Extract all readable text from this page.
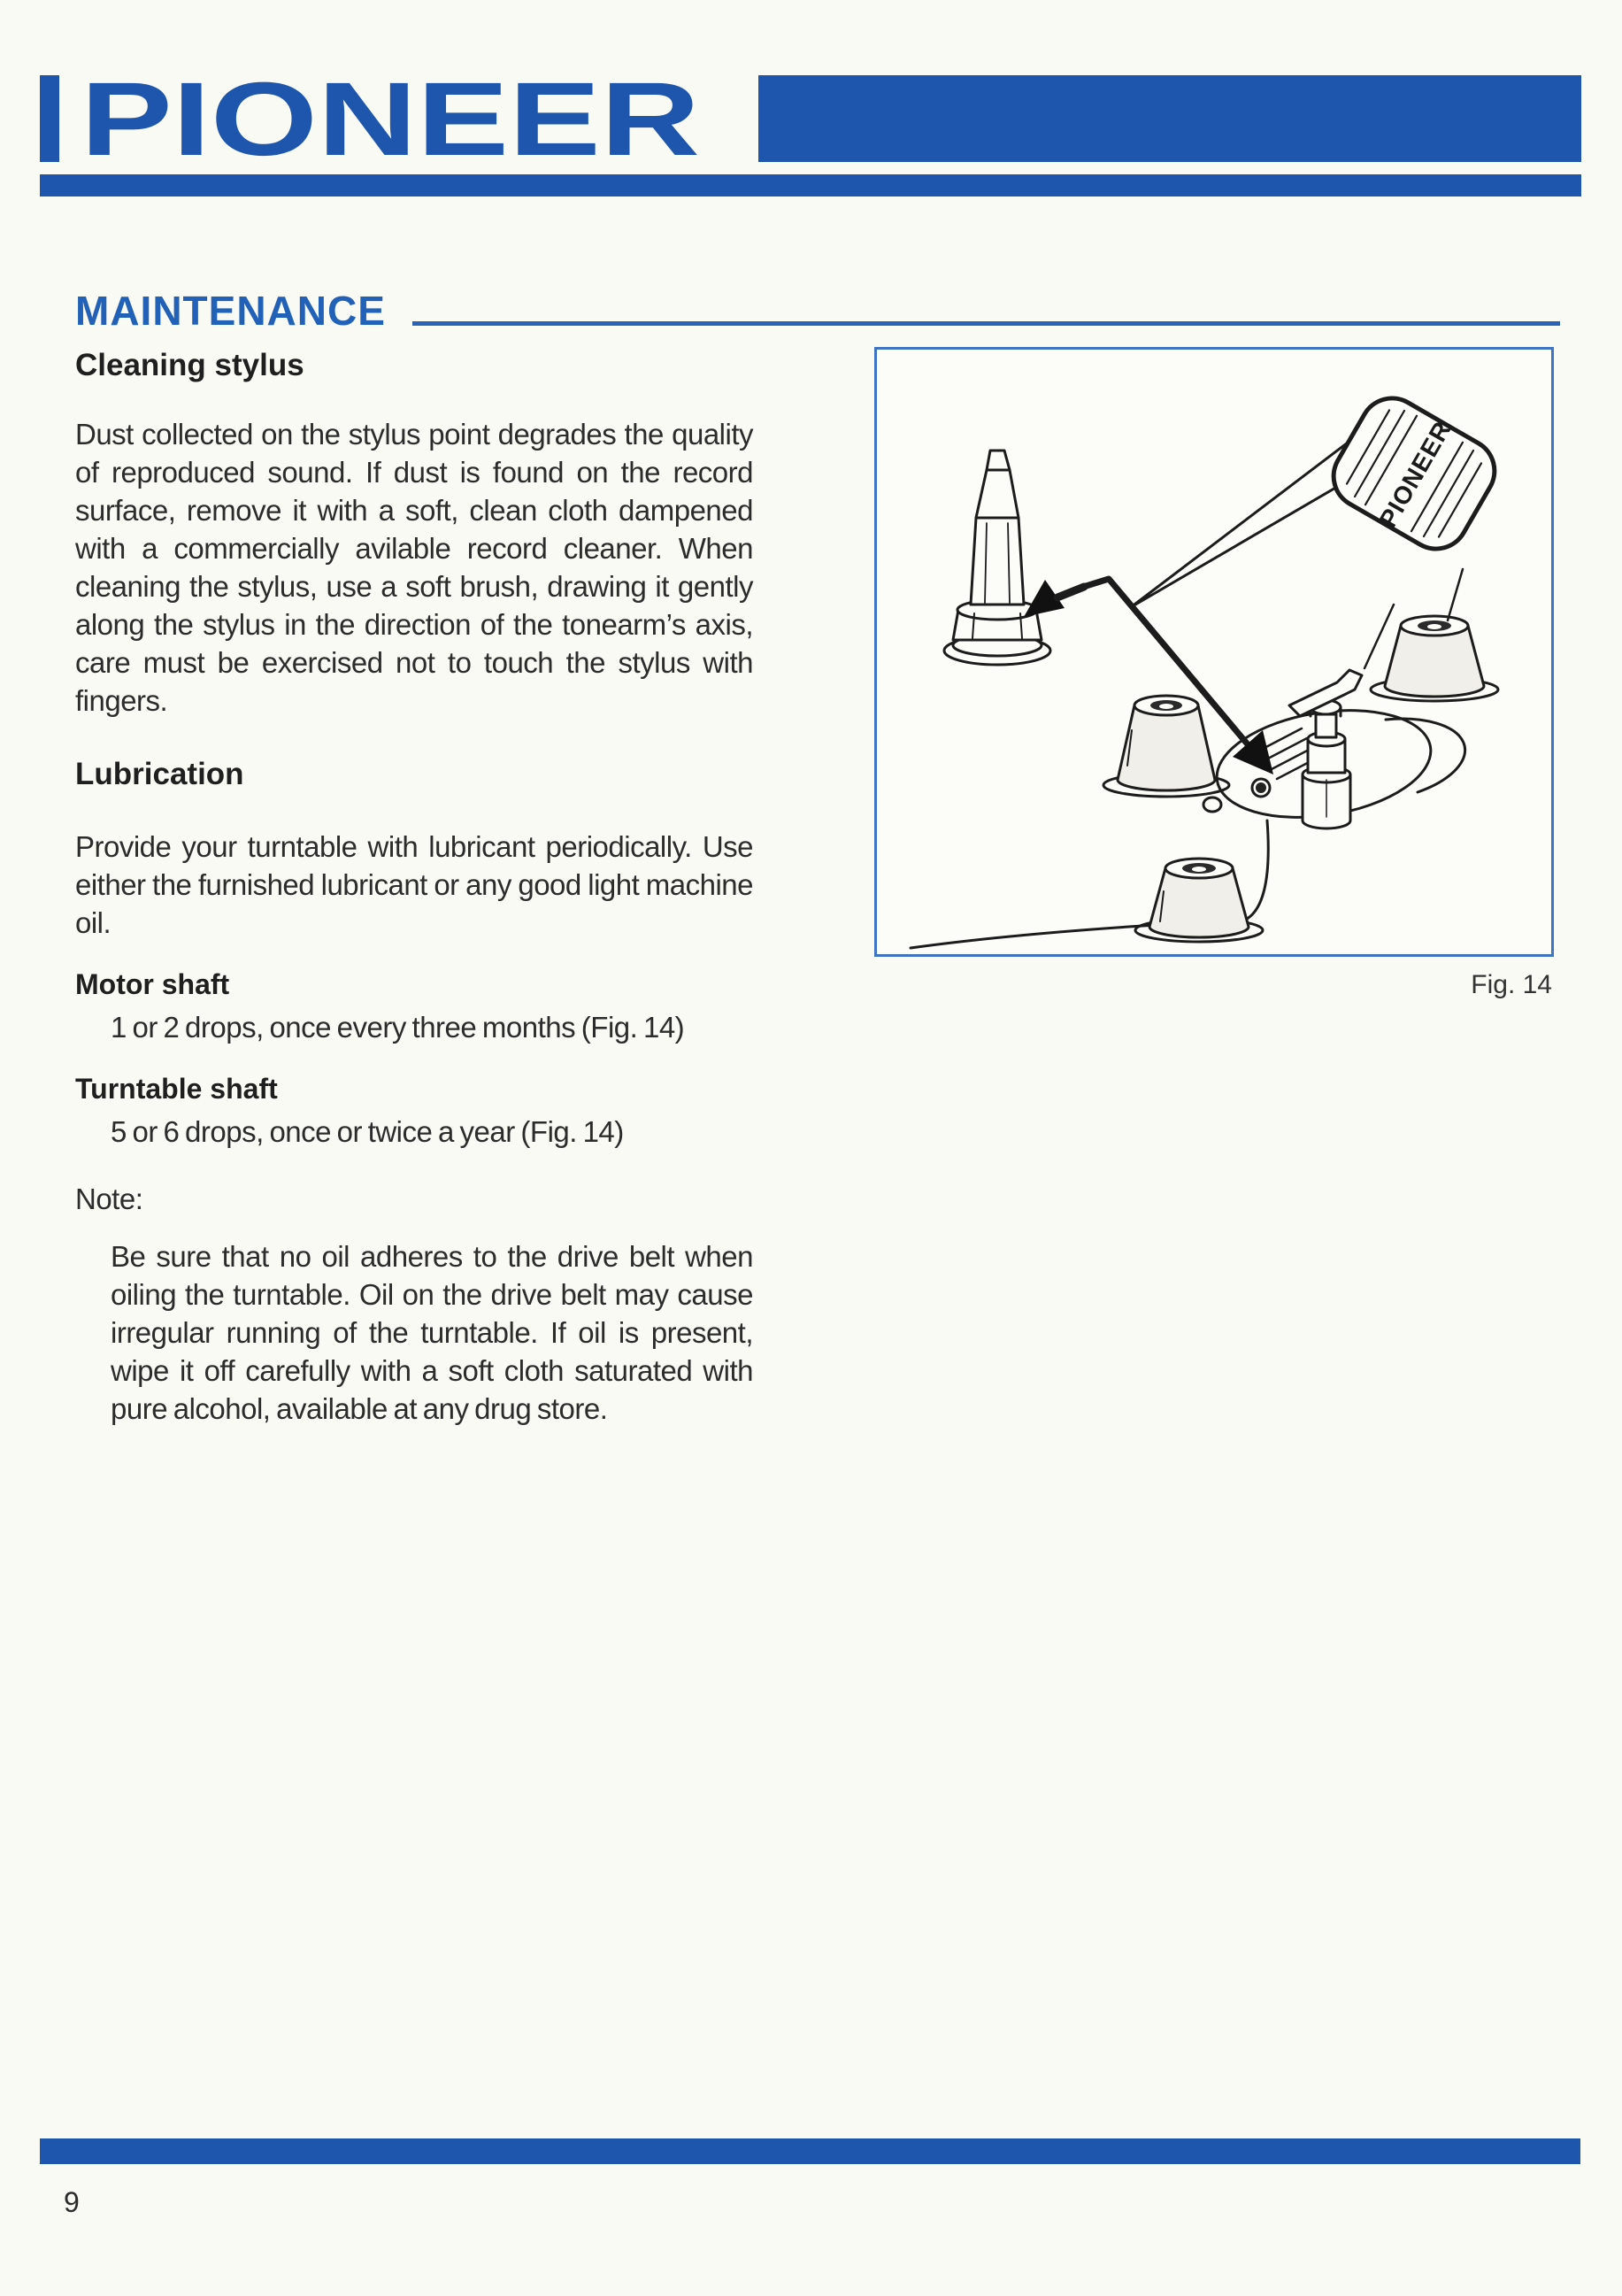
PIONEER
MAINTENANCE
Cleaning stylus

Dust collected on the stylus point degrades the quality of reproduced sound. If dust is found on the record surface, remove it with a soft, clean cloth dampened with a commercially avilable record cleaner. When cleaning the stylus, use a soft brush, drawing it gently along the stylus in the direction of the tonearm’s axis, care must be exercised not to touch the stylus with fingers.

Lubrication

Provide your turntable with lubricant periodically. Use either the furnished lubricant or any good light machine oil.

Motor shaft

1 or 2 drops, once every three months (Fig. 14)

Turntable shaft

5 or 6 drops, once or twice a year (Fig. 14)

Note:

Be sure that no oil adheres to the drive belt when oiling the turntable. Oil on the drive belt may cause irregular running of the turntable. If oil is present, wipe it off carefully with a soft cloth saturated with pure alcohol, available at any drug store.

PIONEER
Fig. 14
9
